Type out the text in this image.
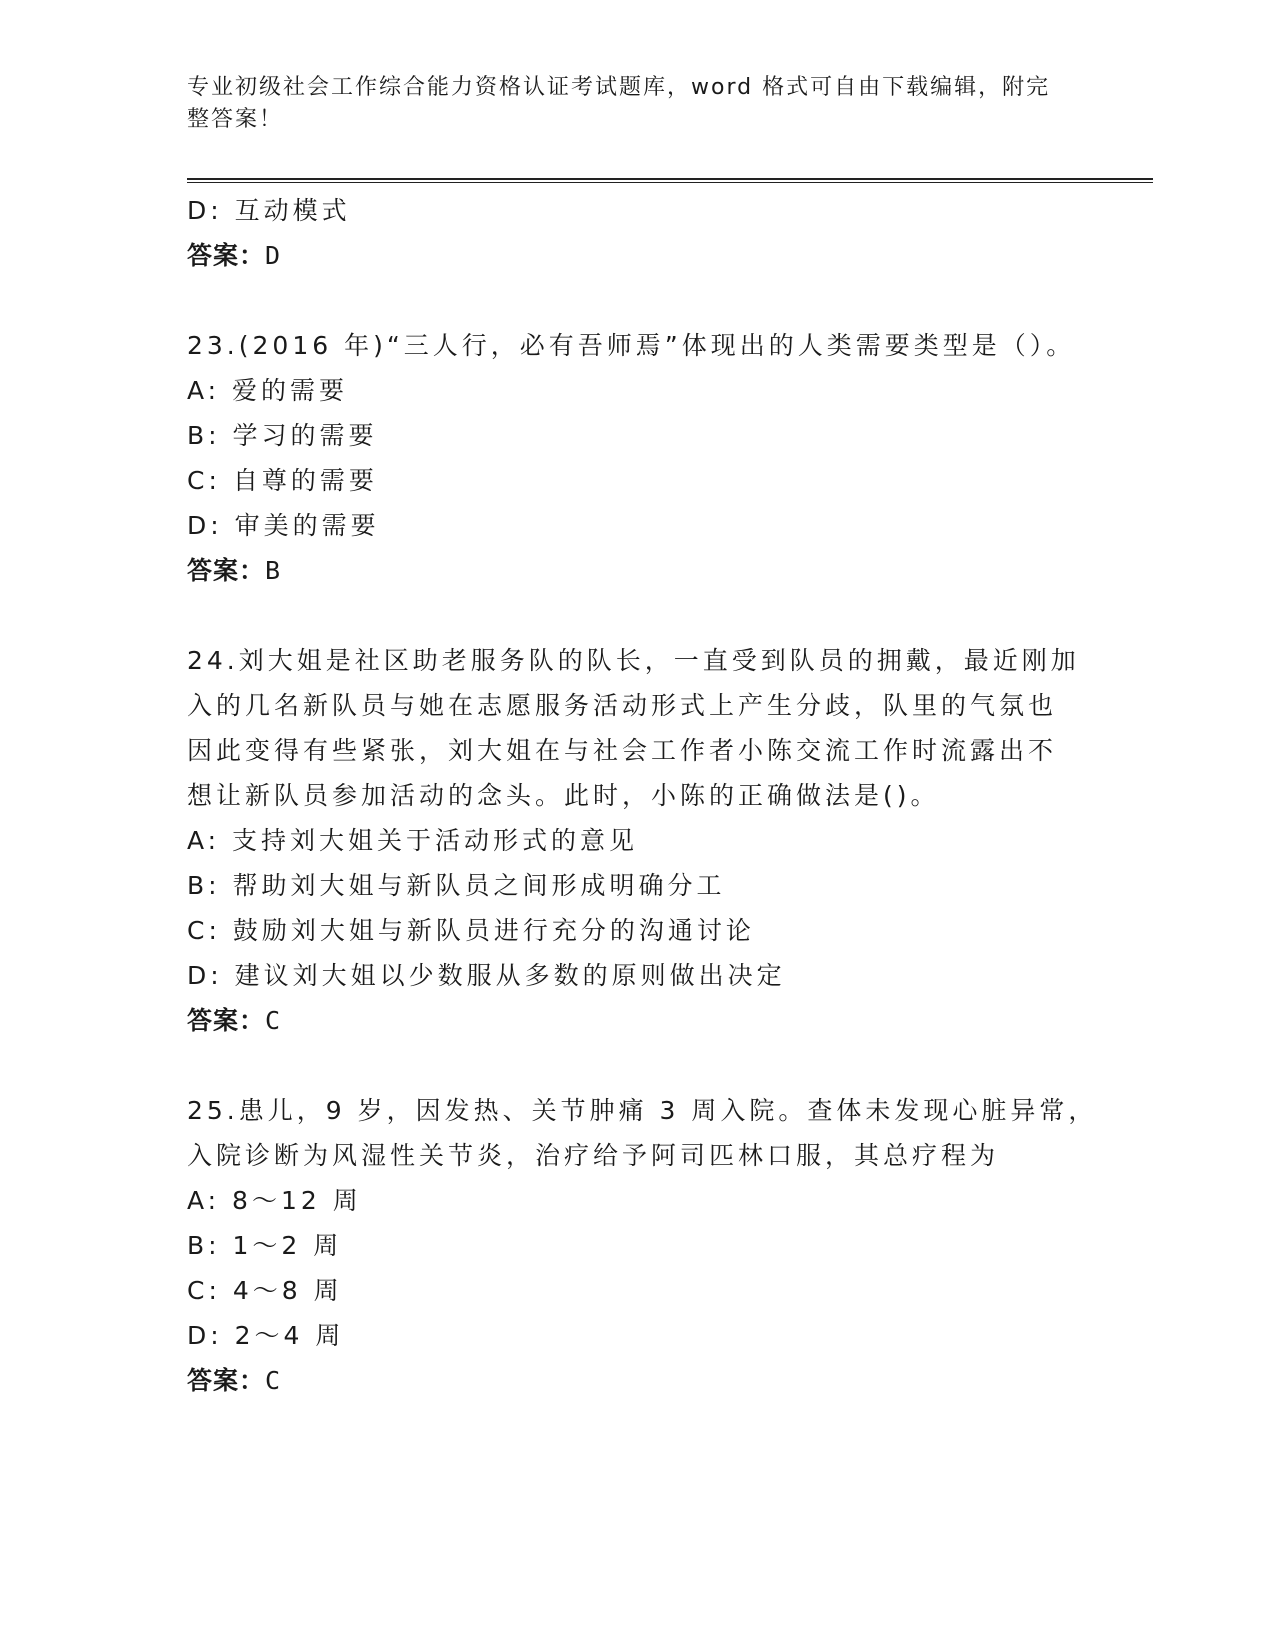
专业初级社会工作综合能力资格认证考试题库，word 格式可自由下载编辑，附完
整答案！
D: 互动模式
答案：D
23.(2016 年)“三人行，必有吾师焉”体现出的人类需要类型是（）。
A: 爱的需要
B: 学习的需要
C: 自尊的需要
D: 审美的需要
答案：B
24.刘大姐是社区助老服务队的队长，一直受到队员的拥戴，最近刚加
入的几名新队员与她在志愿服务活动形式上产生分歧，队里的气氛也
因此变得有些紧张，刘大姐在与社会工作者小陈交流工作时流露出不
想让新队员参加活动的念头。此时，小陈的正确做法是()。
A: 支持刘大姐关于活动形式的意见
B: 帮助刘大姐与新队员之间形成明确分工
C: 鼓励刘大姐与新队员进行充分的沟通讨论
D: 建议刘大姐以少数服从多数的原则做出决定
答案：C
25.患儿，9 岁，因发热、关节肿痛 3 周入院。查体未发现心脏异常，
入院诊断为风湿性关节炎，治疗给予阿司匹林口服，其总疗程为
A: 8～12 周
B: 1～2 周
C: 4～8 周
D: 2～4 周
答案：C
